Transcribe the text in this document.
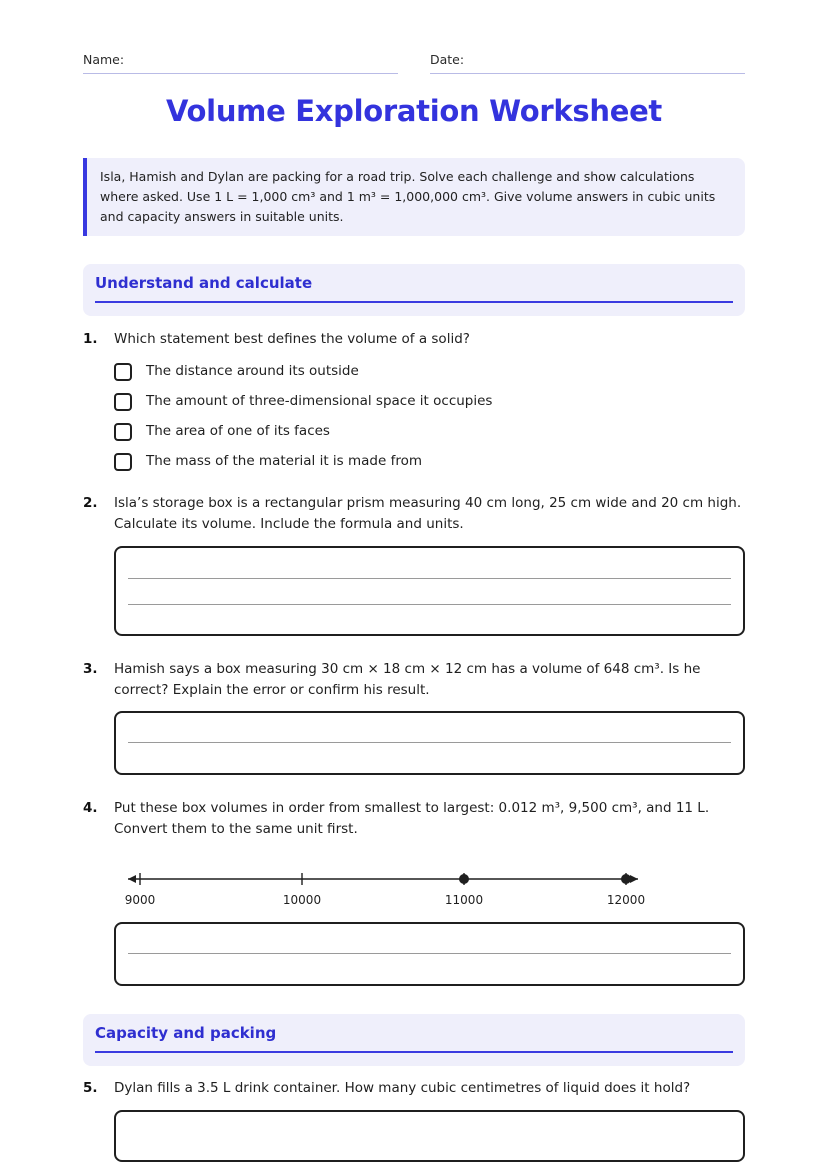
Name:	Date:
Volume Exploration Worksheet
Isla, Hamish and Dylan are packing for a road trip. Solve each challenge and show calculations where asked. Use 1 L = 1,000 cm³ and 1 m³ = 1,000,000 cm³. Give volume answers in cubic units and capacity answers in suitable units.
Understand and calculate
1. Which statement best defines the volume of a solid?
The distance around its outside
The amount of three-dimensional space it occupies
The area of one of its faces
The mass of the material it is made from
2. Isla’s storage box is a rectangular prism measuring 40 cm long, 25 cm wide and 20 cm high. Calculate its volume. Include the formula and units.
3. Hamish says a box measuring 30 cm × 18 cm × 12 cm has a volume of 648 cm³. Is he correct? Explain the error or confirm his result.
4. Put these box volumes in order from smallest to largest: 0.012 m³, 9,500 cm³, and 11 L. Convert them to the same unit first.
9000	10000	11000	12000
Capacity and packing
5. Dylan fills a 3.5 L drink container. How many cubic centimetres of liquid does it hold?
